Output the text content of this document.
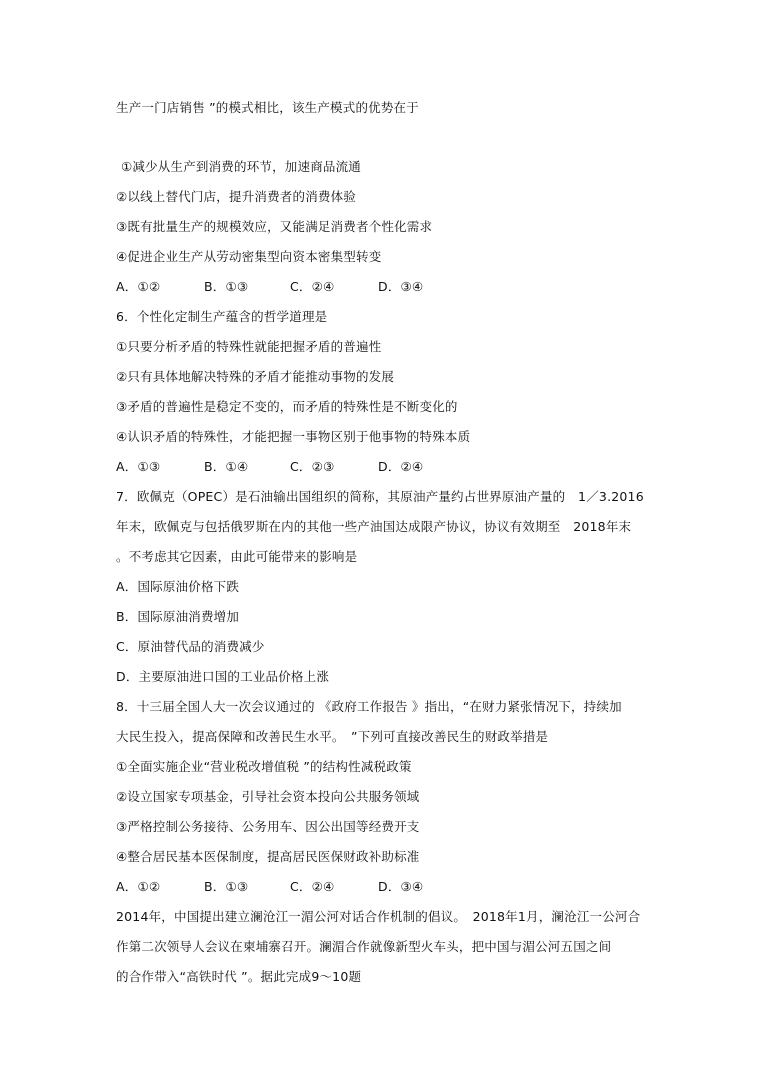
生产一门店销售 ”的模式相比，该生产模式的优势在于
①减少从生产到消费的环节，加速商品流通
②以线上替代门店，提升消费者的消费体验
③既有批量生产的规模效应，又能满足消费者个性化需求
④促进企业生产从劳动密集型向资本密集型转变
A．①②	B．①③	C．②④	D．③④
6．个性化定制生产蕴含的哲学道理是
①只要分析矛盾的特殊性就能把握矛盾的普遍性
②只有具体地解决特殊的矛盾才能推动事物的发展
③矛盾的普遍性是稳定不变的，而矛盾的特殊性是不断变化的
④认识矛盾的特殊性，才能把握一事物区别于他事物的特殊本质
A．①③	B．①④	C．②③	D．②④
7．欧佩克（OPEC）是石油输出国组织的简称，其原油产量约占世界原油产量的　1／3.2016
年末，欧佩克与包括俄罗斯在内的其他一些产油国达成限产协议，协议有效期至　2018年末
。不考虑其它因素，由此可能带来的影响是
A．国际原油价格下跌
B．国际原油消费增加
C．原油替代品的消费减少
D．主要原油进口国的工业品价格上涨
8．十三届全国人大一次会议通过的 《政府工作报告 》指出，“在财力紧张情况下，持续加
大民生投入，提高保障和改善民生水平。　”下列可直接改善民生的财政举措是
①全面实施企业“营业税改增值税 ”的结构性减税政策
②设立国家专项基金，引导社会资本投向公共服务领域
③严格控制公务接待、公务用车、因公出国等经费开支
④整合居民基本医保制度，提高居民医保财政补助标准
A．①②	B．①③	C．②④	D．③④
2014年，中国提出建立澜沧江一湄公河对话合作机制的倡议。　2018年1月，澜沧江一公河合
作第二次领导人会议在柬埔寨召开。澜湄合作就像新型火车头，把中国与湄公河五国之间
的合作带入“高铁时代 ”。据此完成9～10题
